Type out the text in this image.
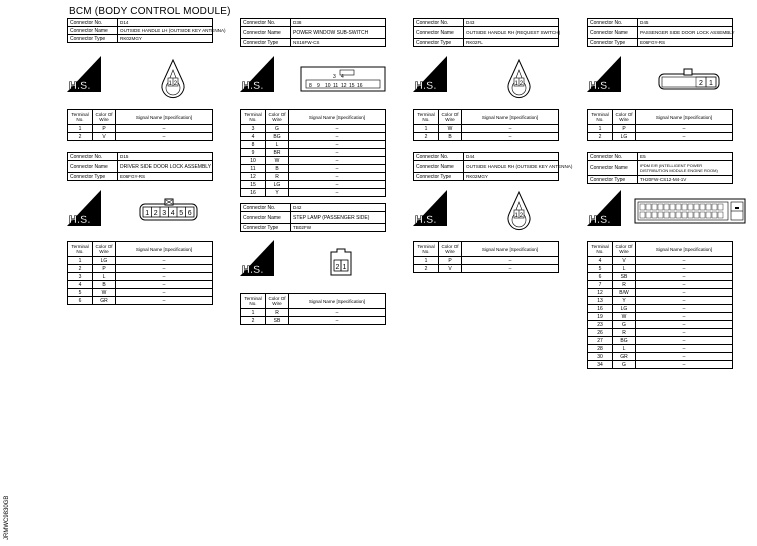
BCM (BODY CONTROL MODULE)
Connector No.	D14
Connector Name	OUTSIDE HANDLE LH (OUTSIDE KEY ANTENNA)
Connector Type	RK02MGY
H.S.	1 2
Terminal No.	Color Of Wire	Signal Name [Specification]
1	P	–
2	V	–
Connector No.	D15
Connector Name	DRIVER SIDE DOOR LOCK ASSEMBLY
Connector Type	E06FGY-RS
H.S.
1 2 3 4 5 6
Terminal No.	Color Of Wire	Signal Name [Specification]
1	LG	–
2	P	–
3	L	–
4	B	–
5	W	–
6	GR	–
Connector No.	D38
Connector Name	POWER WINDOW SUB-SWITCH
Connector Type	NS16FW-CS
H.S.
3 4
8 9 10 11 12 15 16
Terminal No.	Color Of Wire	Signal Name [Specification]
3	G	–
4	BG	–
8	L	–
9	BR	–
10	W	–
11	B	–
12	R	–
15	LG	–
16	Y	–
Connector No.	D42
Connector Name	STEP LAMP (PASSENGER SIDE)
Connector Type	TB02FW
H.S.	2 1
Terminal No.	Color Of Wire	Signal Name [Specification]
1	R	–
2	SB	–
Connector No.	D43
Connector Name	OUTSIDE HANDLE RH (REQUEST SWITCH)
Connector Type	RK02FL
H.S.	1 2
Terminal No.	Color Of Wire	Signal Name [Specification]
1	W	–
2	B	–
Connector No.	D44
Connector Name	OUTSIDE HANDLE RH (OUTSIDE KEY ANTENNA)
Connector Type	RK02MGY
H.S.	1 2
Terminal No.	Color Of Wire	Signal Name [Specification]
1	P	–
2	V	–
Connector No.	D45
Connector Name	PASSENGER SIDE DOOR LOCK ASSEMBLY
Connector Type	E06FGY-RS
H.S.	2 1
Terminal No.	Color Of Wire	Signal Name [Specification]
1	P	–
2	LG	–
Connector No.	E5
Connector Name	IPDM E/R (INTELLIGENT POWER DISTRIBUTION MODULE ENGINE ROOM)
Connector Type	TH20FW-CS12-M4-1V
H.S.
Terminal No.	Color Of Wire	Signal Name [Specification]
4	V	–
5	L	–
6	SB	–
7	R	–
12	B/W	–
13	Y	–
16	LG	–
19	W	–
23	G	–
26	R	–
27	BG	–
28	L	–
30	GR	–
34	G	–
JRMWC9830GB
